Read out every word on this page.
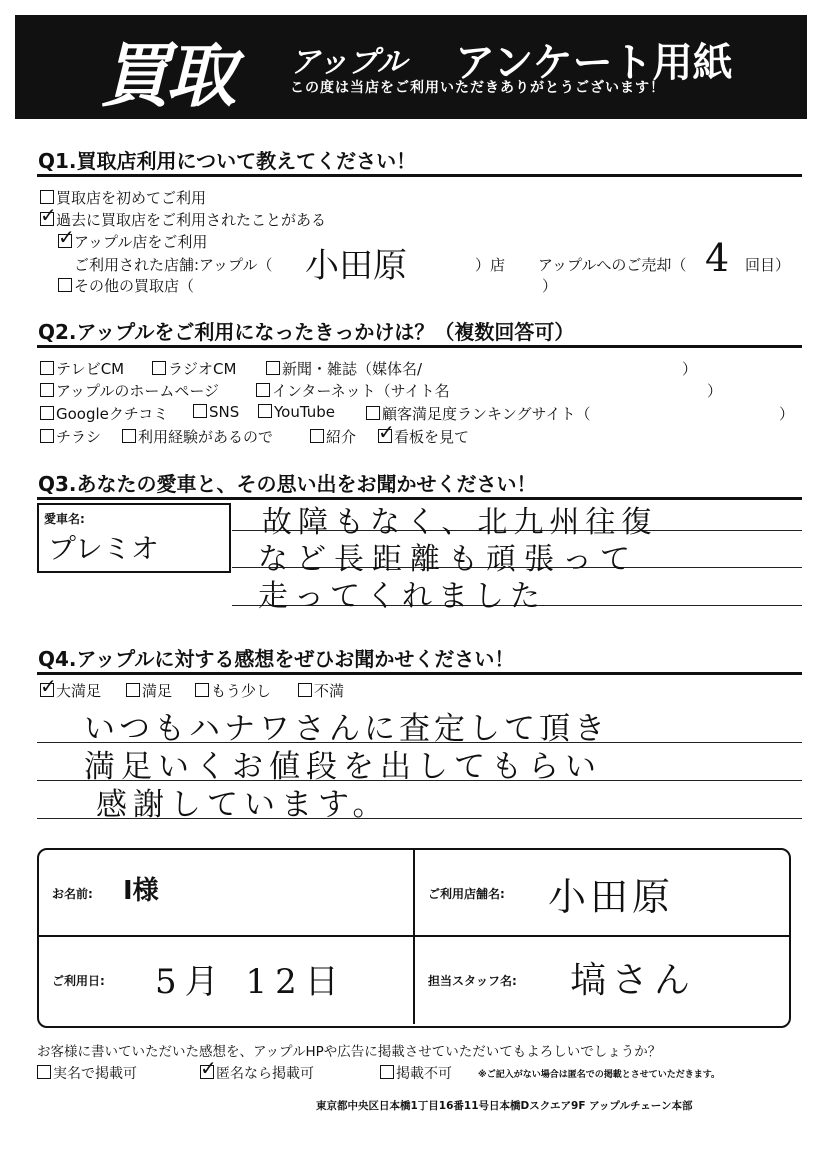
買取 アップル アンケート用紙
この度は当店をご利用いただきありがとうございます！
Q1.買取店利用について教えてください！
買取店を初めてご利用
✓過去に買取店をご利用されたことがある
✓アップル店をご利用
ご利用された店舗:アップル（ 小田原	）店 アップルへのご売却（ 4 回目）
その他の買取店（	）
Q2.アップルをご利用になったきっかけは？（複数回答可）
テレビCM	ラジオCM	新聞・雑誌（媒体名/	）
アップルのホームページ	インターネット（サイト名	）
Googleクチコミ	SNS	YouTube	顧客満足度ランキングサイト（	）
チラシ	利用経験があるので	紹介 ✓	看板を見て
Q3.あなたの愛車と、その思い出をお聞かせください！
愛車名:
プレミオ
故障もなく、北九州往復
など長距離も頑張って
走ってくれました
Q4.アップルに対する感想をぜひお聞かせください！
✓大満足	満足	もう少し	不満
いつもハナワさんに査定して頂き
満足いくお値段を出してもらい
感謝しています。
お名前: I様	ご利用店舗名: 小田原
ご利用日: 5月 12日	担当スタッフ名: 塙さん
お客様に書いていただいた感想を、アップルHPや広告に掲載させていただいてもよろしいでしょうか？
実名で掲載可 ✓	匿名なら掲載可	掲載不可	※ご記入がない場合は匿名での掲載とさせていただきます。
東京都中央区日本橋1丁目16番11号日本橋Dスクエア9F アップルチェーン本部
